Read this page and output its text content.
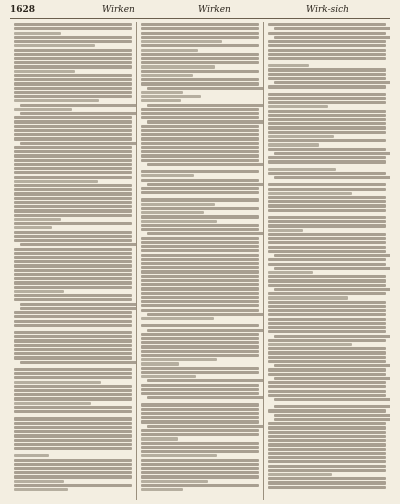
1628	Wirken	Wirken	Wirk-sich
